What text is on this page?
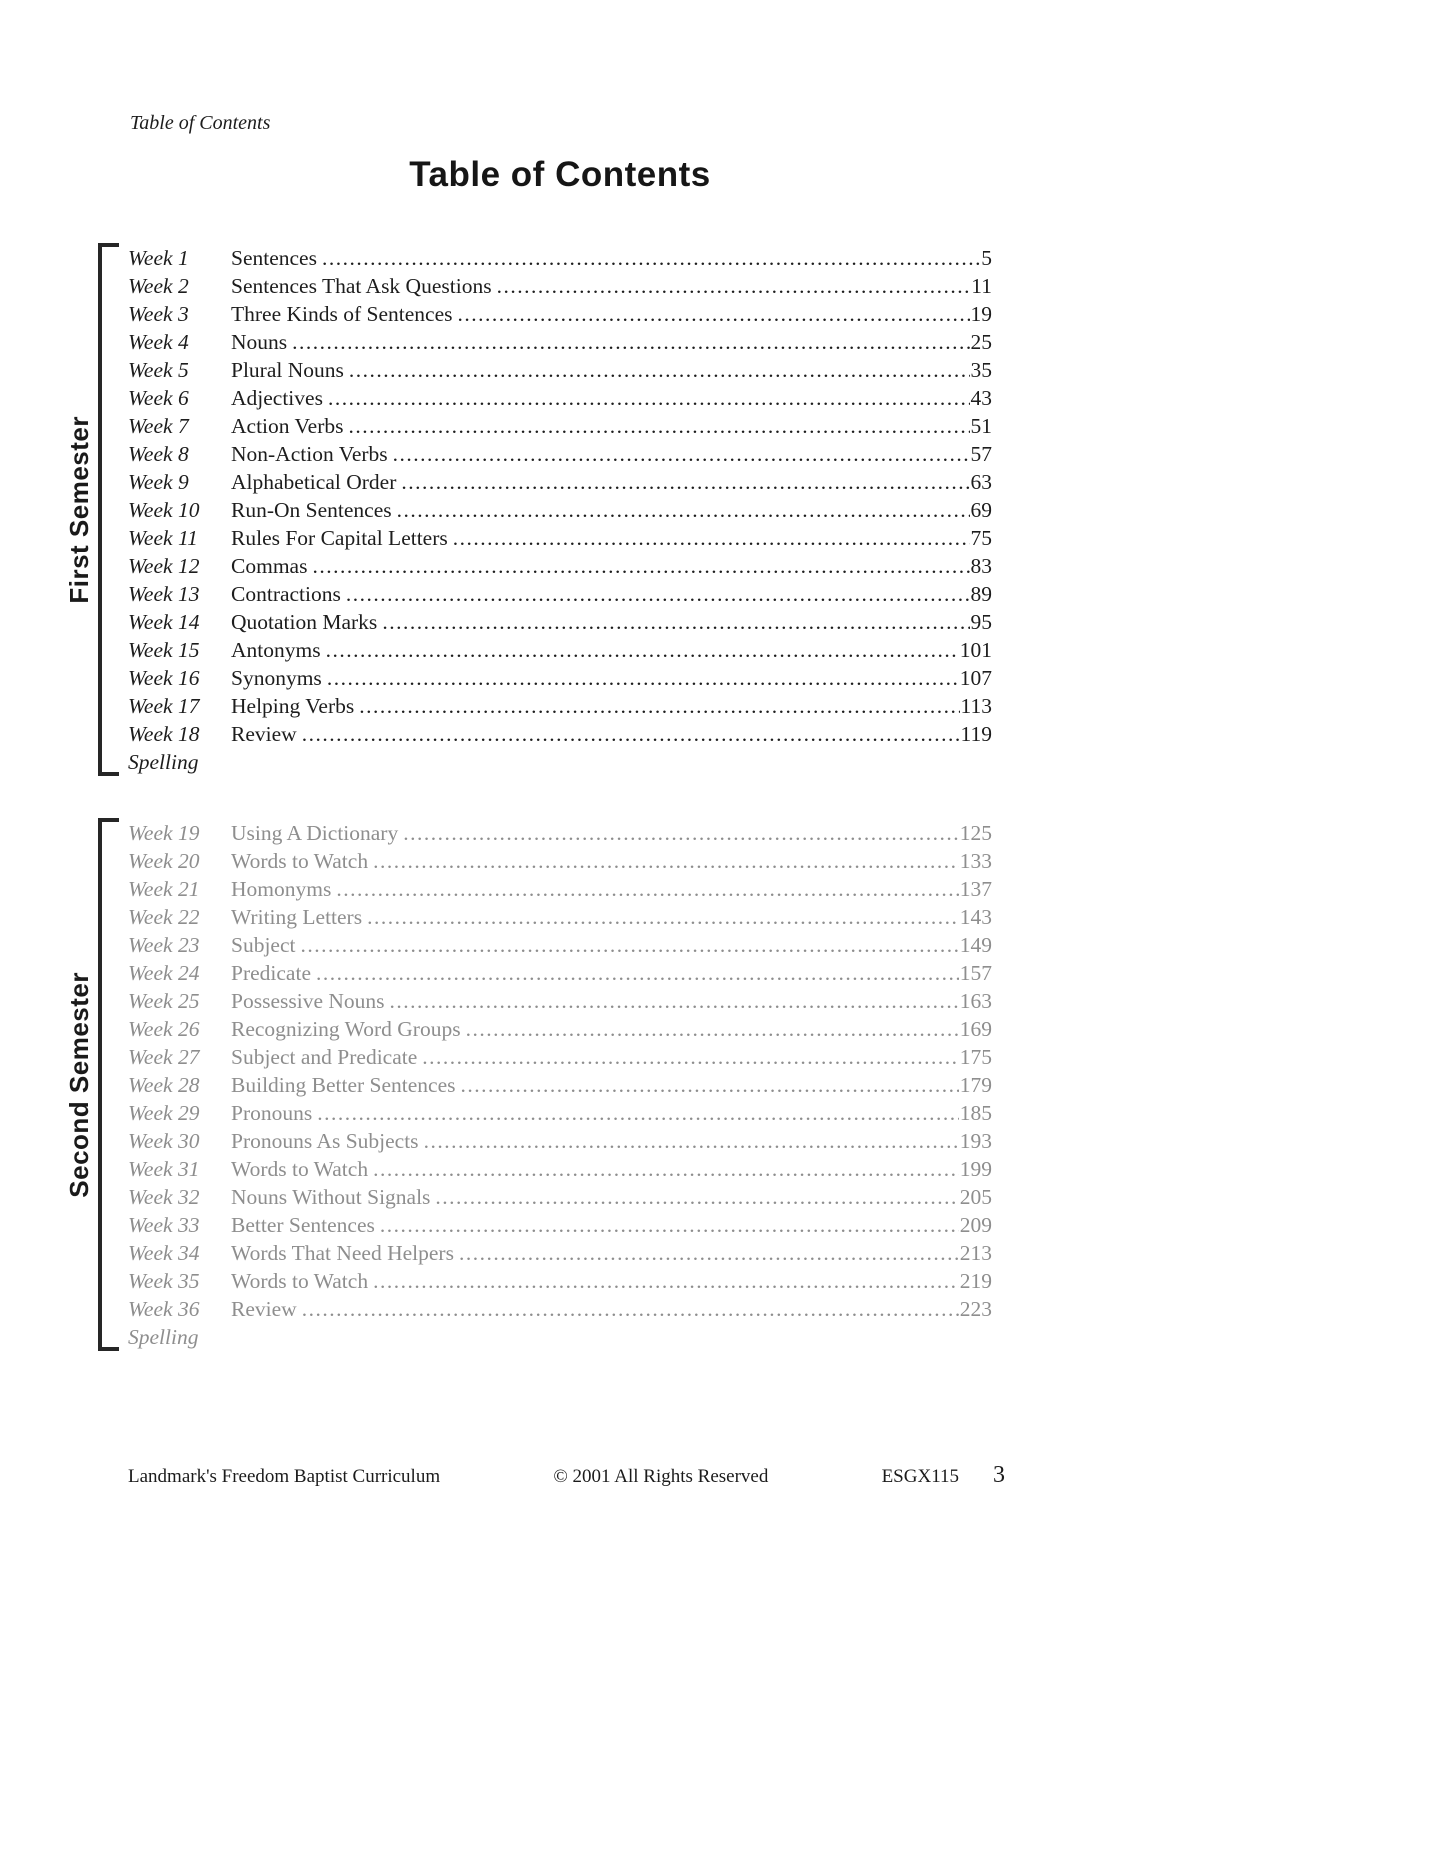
Table of Contents
Table of Contents
First Semester
Week 1	Sentences .....	5
Week 2	Sentences That Ask Questions .....	11
Week 3	Three Kinds of Sentences .....	19
Week 4	Nouns .....	25
Week 5	Plural Nouns .....	35
Week 6	Adjectives .....	43
Week 7	Action Verbs .....	51
Week 8	Non-Action Verbs .....	57
Week 9	Alphabetical Order .....	63
Week 10	Run-On Sentences .....	69
Week 11	Rules For Capital Letters .....	75
Week 12	Commas .....	83
Week 13	Contractions .....	89
Week 14	Quotation Marks .....	95
Week 15	Antonyms .....	101
Week 16	Synonyms .....	107
Week 17	Helping Verbs .....	113
Week 18	Review .....	119
Spelling
Second Semester
Week 19	Using A Dictionary .....	125
Week 20	Words to Watch .....	133
Week 21	Homonyms .....	137
Week 22	Writing Letters .....	143
Week 23	Subject .....	149
Week 24	Predicate .....	157
Week 25	Possessive Nouns .....	163
Week 26	Recognizing Word Groups .....	169
Week 27	Subject and Predicate .....	175
Week 28	Building Better Sentences .....	179
Week 29	Pronouns .....	185
Week 30	Pronouns As Subjects .....	193
Week 31	Words to Watch .....	199
Week 32	Nouns Without Signals .....	205
Week 33	Better Sentences .....	209
Week 34	Words That Need Helpers .....	213
Week 35	Words to Watch .....	219
Week 36	Review .....	223
Spelling
Landmark's Freedom Baptist Curriculum	© 2001 All Rights Reserved	ESGX115 3
